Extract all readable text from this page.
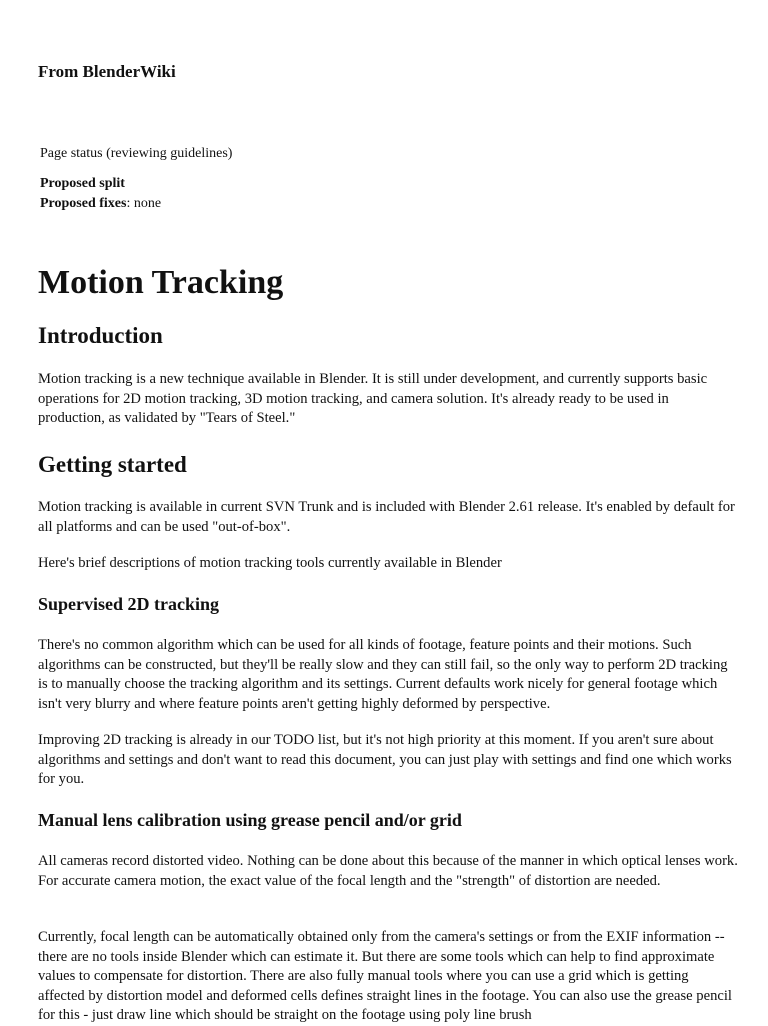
From BlenderWiki

Page status (reviewing guidelines)

Proposed split

Proposed fixes: none

Motion Tracking
Introduction

Motion tracking is a new technique available in Blender. It is still under development, and currently supports basic operations for 2D motion tracking, 3D motion tracking, and camera solution. It's already ready to be used in production, as validated by "Tears of Steel."

Getting started

Motion tracking is available in current SVN Trunk and is included with Blender 2.61 release. It's enabled by default for all platforms and can be used "out-of-box".

Here's brief descriptions of motion tracking tools currently available in Blender

Supervised 2D tracking

There's no common algorithm which can be used for all kinds of footage, feature points and their motions. Such algorithms can be constructed, but they'll be really slow and they can still fail, so the only way to perform 2D tracking is to manually choose the tracking algorithm and its settings. Current defaults work nicely for general footage which isn't very blurry and where feature points aren't getting highly deformed by perspective.

Improving 2D tracking is already in our TODO list, but it's not high priority at this moment. If you aren't sure about algorithms and settings and don't want to read this document, you can just play with settings and find one which works for you.

Manual lens calibration using grease pencil and/or grid

All cameras record distorted video. Nothing can be done about this because of the manner in which optical lenses work. For accurate camera motion, the exact value of the focal length and the "strength" of distortion are needed.

Currently, focal length can be automatically obtained only from the camera's settings or from the EXIF information -- there are no tools inside Blender which can estimate it. But there are some tools which can help to find approximate values to compensate for distortion. There are also fully manual tools where you can use a grid which is getting affected by distortion model and deformed cells defines straight lines in the footage. You can also use the grease pencil for this - just draw line which should be straight on the footage using poly line brush
